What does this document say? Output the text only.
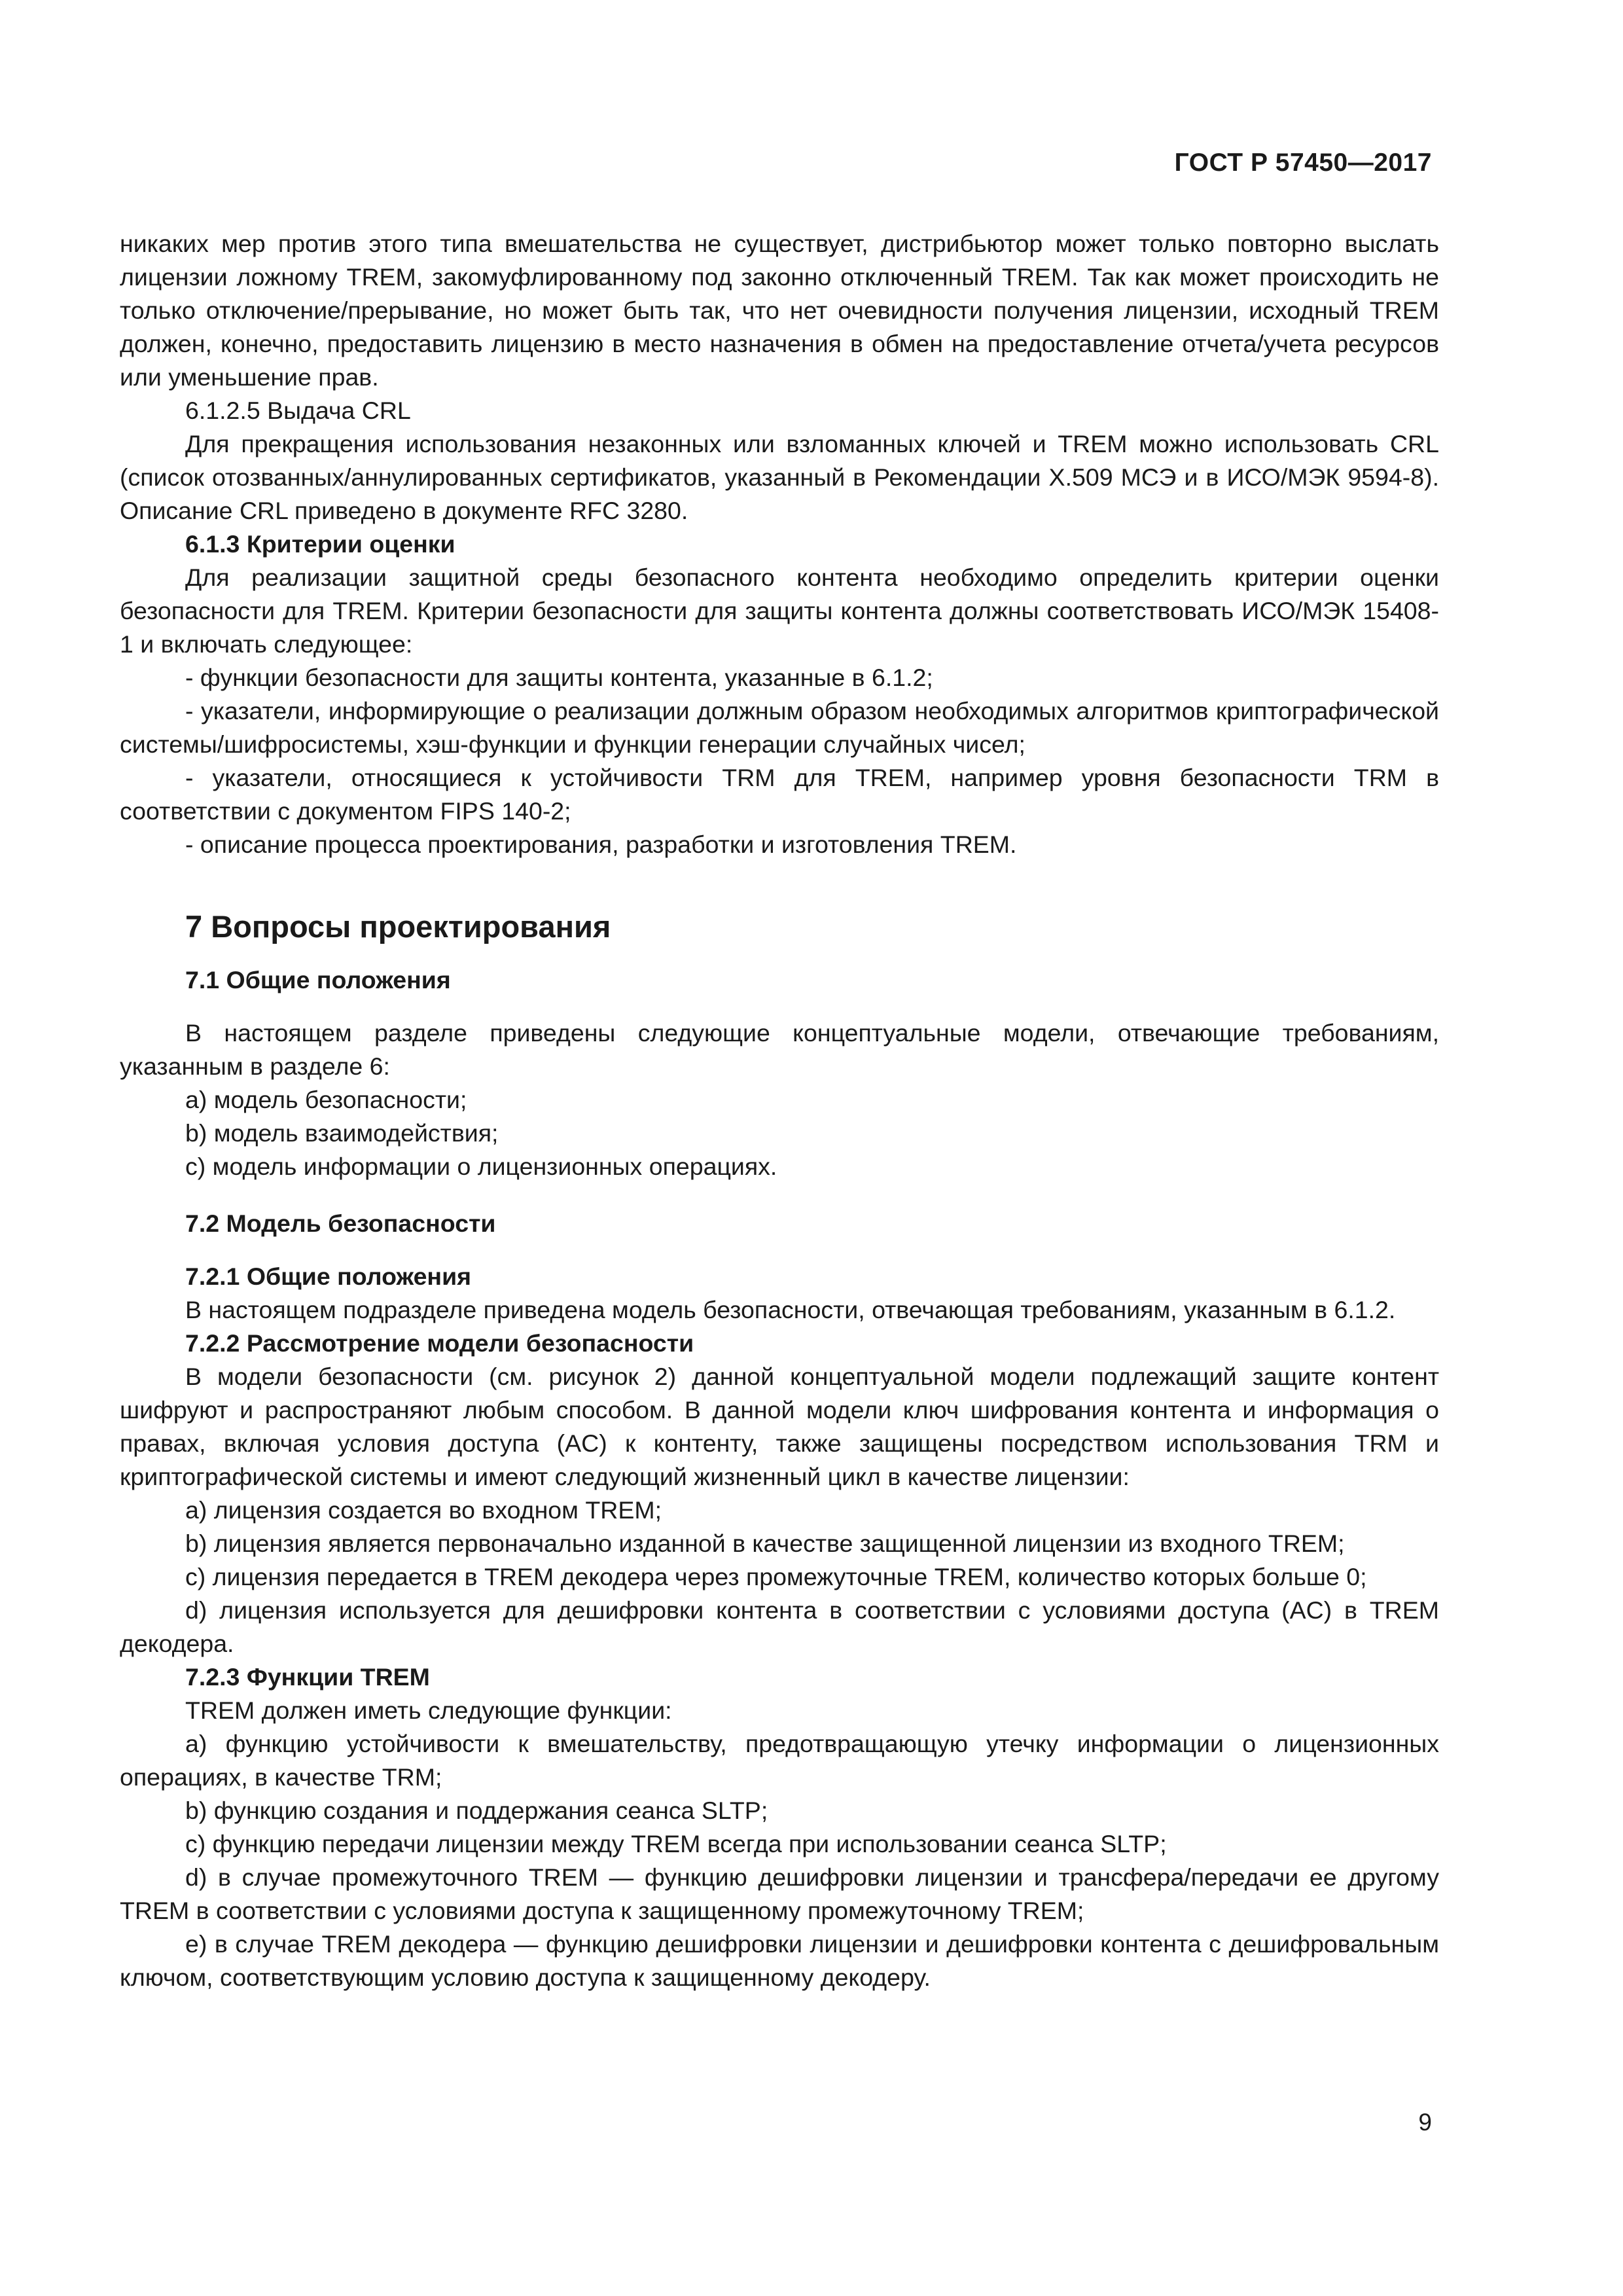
ГОСТ Р 57450—2017

никаких мер против этого типа вмешательства не существует, дистрибьютор может только повторно выслать лицензии ложному TREM, закомуфлированному под законно отключенный TREM. Так как может происходить не только отключение/прерывание, но может быть так, что нет очевидности получения лицензии, исходный TREM должен, конечно, предоставить лицензию в место назначения в обмен на предоставление отчета/учета ресурсов или уменьшение прав.

6.1.2.5 Выдача CRL

Для прекращения использования незаконных или взломанных ключей и TREM можно использовать CRL (список отозванных/аннулированных сертификатов, указанный в Рекомендации X.509 МСЭ и в ИСО/МЭК 9594-8). Описание CRL приведено в документе RFC 3280.

6.1.3 Критерии оценки

Для реализации защитной среды безопасного контента необходимо определить критерии оценки безопасности для TREM. Критерии безопасности для защиты контента должны соответствовать ИСО/МЭК 15408-1 и включать следующее:

- функции безопасности для защиты контента, указанные в 6.1.2;

- указатели, информирующие о реализации должным образом необходимых алгоритмов криптографической системы/шифросистемы, хэш-функции и функции генерации случайных чисел;

- указатели, относящиеся к устойчивости TRM для TREM, например уровня безопасности TRM в соответствии с документом FIPS 140-2;

- описание процесса проектирования, разработки и изготовления TREM.

7 Вопросы проектирования

7.1 Общие положения

В настоящем разделе приведены следующие концептуальные модели, отвечающие требованиям, указанным в разделе 6:

а) модель безопасности;

b) модель взаимодействия;

c) модель информации о лицензионных операциях.

7.2 Модель безопасности

7.2.1 Общие положения

В настоящем подразделе приведена модель безопасности, отвечающая требованиям, указанным в 6.1.2.

7.2.2 Рассмотрение модели безопасности

В модели безопасности (см. рисунок 2) данной концептуальной модели подлежащий защите контент шифруют и распространяют любым способом. В данной модели ключ шифрования контента и информация о правах, включая условия доступа (AC) к контенту, также защищены посредством использования TRM и криптографической системы и имеют следующий жизненный цикл в качестве лицензии:

а) лицензия создается во входном TREM;

b) лицензия является первоначально изданной в качестве защищенной лицензии из входного TREM;

c) лицензия передается в TREM декодера через промежуточные TREM, количество которых больше 0;

d) лицензия используется для дешифровки контента в соответствии с условиями доступа (AC) в TREM декодера.

7.2.3 Функции TREM

TREM должен иметь следующие функции:

а) функцию устойчивости к вмешательству, предотвращающую утечку информации о лицензионных операциях, в качестве TRM;

b) функцию создания и поддержания сеанса SLTP;

c) функцию передачи лицензии между TREM всегда при использовании сеанса SLTP;

d) в случае промежуточного TREM — функцию дешифровки лицензии и трансфера/передачи ее другому TREM в соответствии с условиями доступа к защищенному промежуточному TREM;

e) в случае TREM декодера — функцию дешифровки лицензии и дешифровки контента с дешифровальным ключом, соответствующим условию доступа к защищенному декодеру.

9
